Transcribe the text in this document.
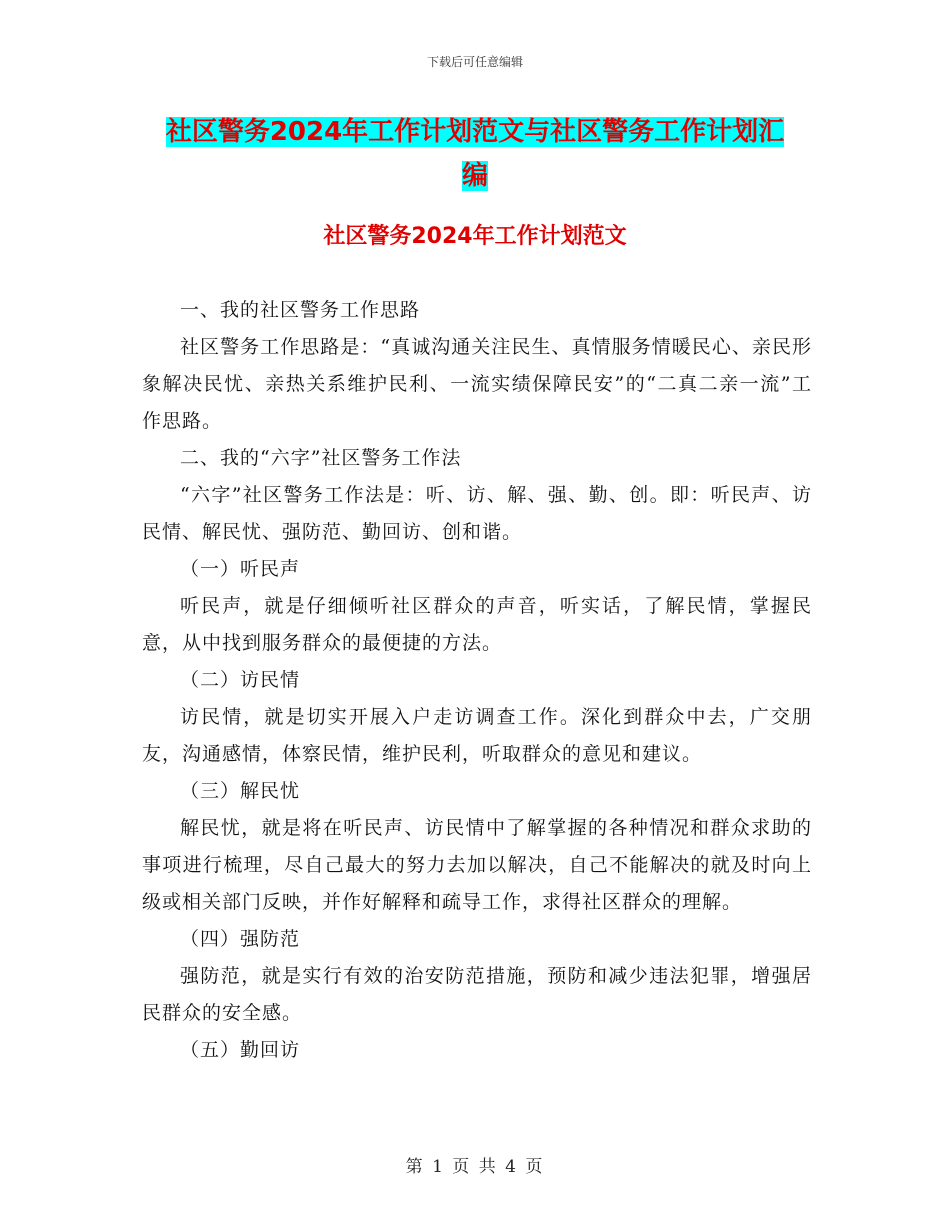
下载后可任意编辑
社区警务2024年工作计划范文与社区警务工作计划汇
编
社区警务2024年工作计划范文

一、我的社区警务工作思路

社区警务工作思路是：“真诚沟通关注民生、真情服务情暖民心、亲民形象解决民忧、亲热关系维护民利、一流实绩保障民安”的“二真二亲一流”工作思路。

二、我的“六字”社区警务工作法

“六字”社区警务工作法是：听、访、解、强、勤、创。即：听民声、访民情、解民忧、强防范、勤回访、创和谐。

（一）听民声

听民声，就是仔细倾听社区群众的声音，听实话，了解民情，掌握民意，从中找到服务群众的最便捷的方法。

（二）访民情

访民情，就是切实开展入户走访调查工作。深化到群众中去，广交朋友，沟通感情，体察民情，维护民利，听取群众的意见和建议。

（三）解民忧

解民忧，就是将在听民声、访民情中了解掌握的各种情况和群众求助的事项进行梳理，尽自己最大的努力去加以解决，自己不能解决的就及时向上级或相关部门反映，并作好解释和疏导工作，求得社区群众的理解。

（四）强防范

强防范，就是实行有效的治安防范措施，预防和减少违法犯罪，增强居民群众的安全感。

（五）勤回访

第 1 页 共 4 页
